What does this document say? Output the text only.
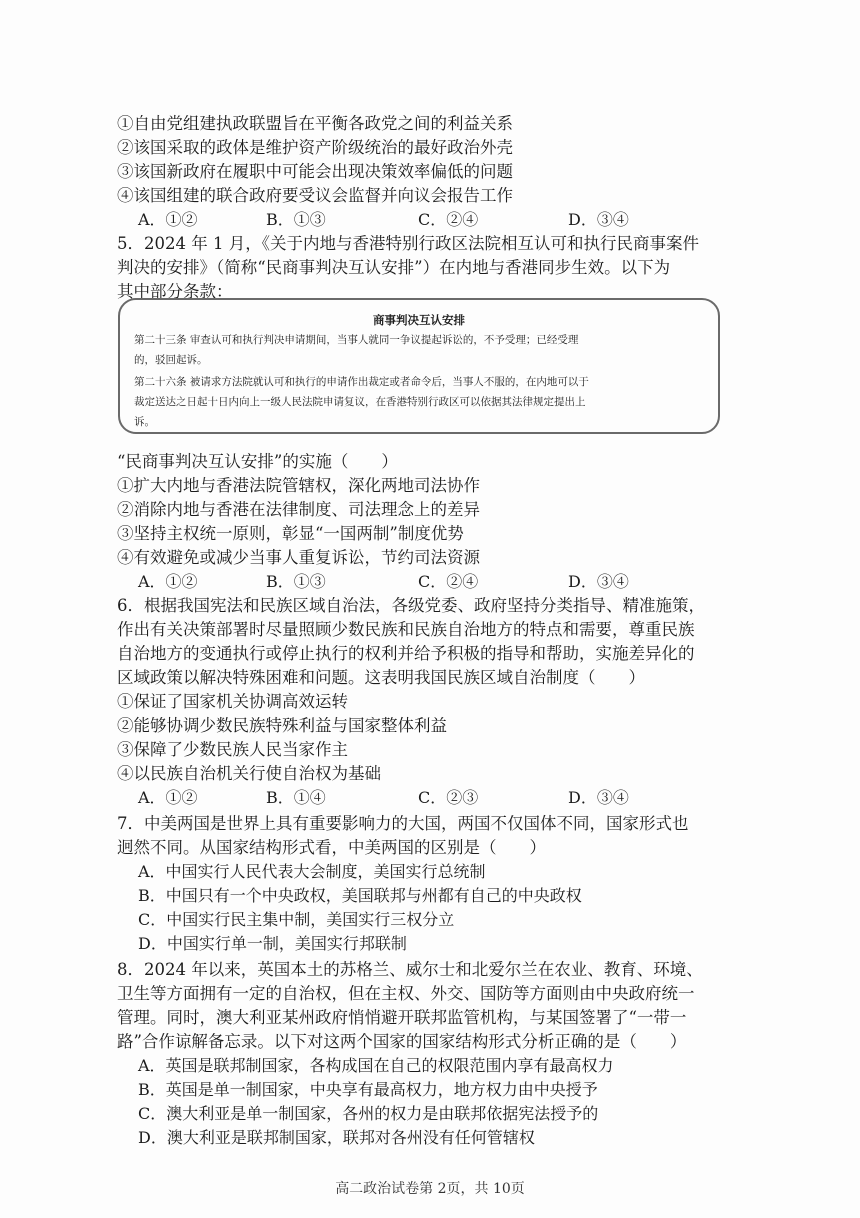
①自由党组建执政联盟旨在平衡各政党之间的利益关系
②该国采取的政体是维护资产阶级统治的最好政治外壳
③该国新政府在履职中可能会出现决策效率偏低的问题
④该国组建的联合政府要受议会监督并向议会报告工作
A．①②	B．①③	C．②④	D．③④
5．2024 年 1 月，《关于内地与香港特别行政区法院相互认可和执行民商事案件
判决的安排》（简称“民商事判决互认安排”）在内地与香港同步生效。以下为
其中部分条款：
商事判决互认安排
第二十三条 审查认可和执行判决申请期间，当事人就同一争议提起诉讼的，不予受理；已经受理
的，驳回起诉。
第二十六条 被请求方法院就认可和执行的申请作出裁定或者命令后，当事人不服的，在内地可以于
裁定送达之日起十日内向上一级人民法院申请复议，在香港特别行政区可以依据其法律规定提出上
诉。
“民商事判决互认安排”的实施（　　）
①扩大内地与香港法院管辖权，深化两地司法协作
②消除内地与香港在法律制度、司法理念上的差异
③坚持主权统一原则，彰显“一国两制”制度优势
④有效避免或减少当事人重复诉讼，节约司法资源
A．①②	B．①③	C．②④	D．③④
6．根据我国宪法和民族区域自治法，各级党委、政府坚持分类指导、精准施策，
作出有关决策部署时尽量照顾少数民族和民族自治地方的特点和需要，尊重民族
自治地方的变通执行或停止执行的权利并给予积极的指导和帮助，实施差异化的
区域政策以解决特殊困难和问题。这表明我国民族区域自治制度（　　）
①保证了国家机关协调高效运转
②能够协调少数民族特殊利益与国家整体利益
③保障了少数民族人民当家作主
④以民族自治机关行使自治权为基础
A．①②	B．①④	C．②③	D．③④
7．中美两国是世界上具有重要影响力的大国，两国不仅国体不同，国家形式也
迥然不同。从国家结构形式看，中美两国的区别是（　　）
A．中国实行人民代表大会制度，美国实行总统制
B．中国只有一个中央政权，美国联邦与州都有自己的中央政权
C．中国实行民主集中制，美国实行三权分立
D．中国实行单一制，美国实行邦联制
8．2024 年以来，英国本土的苏格兰、威尔士和北爱尔兰在农业、教育、环境、
卫生等方面拥有一定的自治权，但在主权、外交、国防等方面则由中央政府统一
管理。同时，澳大利亚某州政府悄悄避开联邦监管机构，与某国签署了“一带一
路”合作谅解备忘录。以下对这两个国家的国家结构形式分析正确的是（　　）
A．英国是联邦制国家，各构成国在自己的权限范围内享有最高权力
B．英国是单一制国家，中央享有最高权力，地方权力由中央授予
C．澳大利亚是单一制国家，各州的权力是由联邦依据宪法授予的
D．澳大利亚是联邦制国家，联邦对各州没有任何管辖权
高二政治试卷第 2页，共 10页
